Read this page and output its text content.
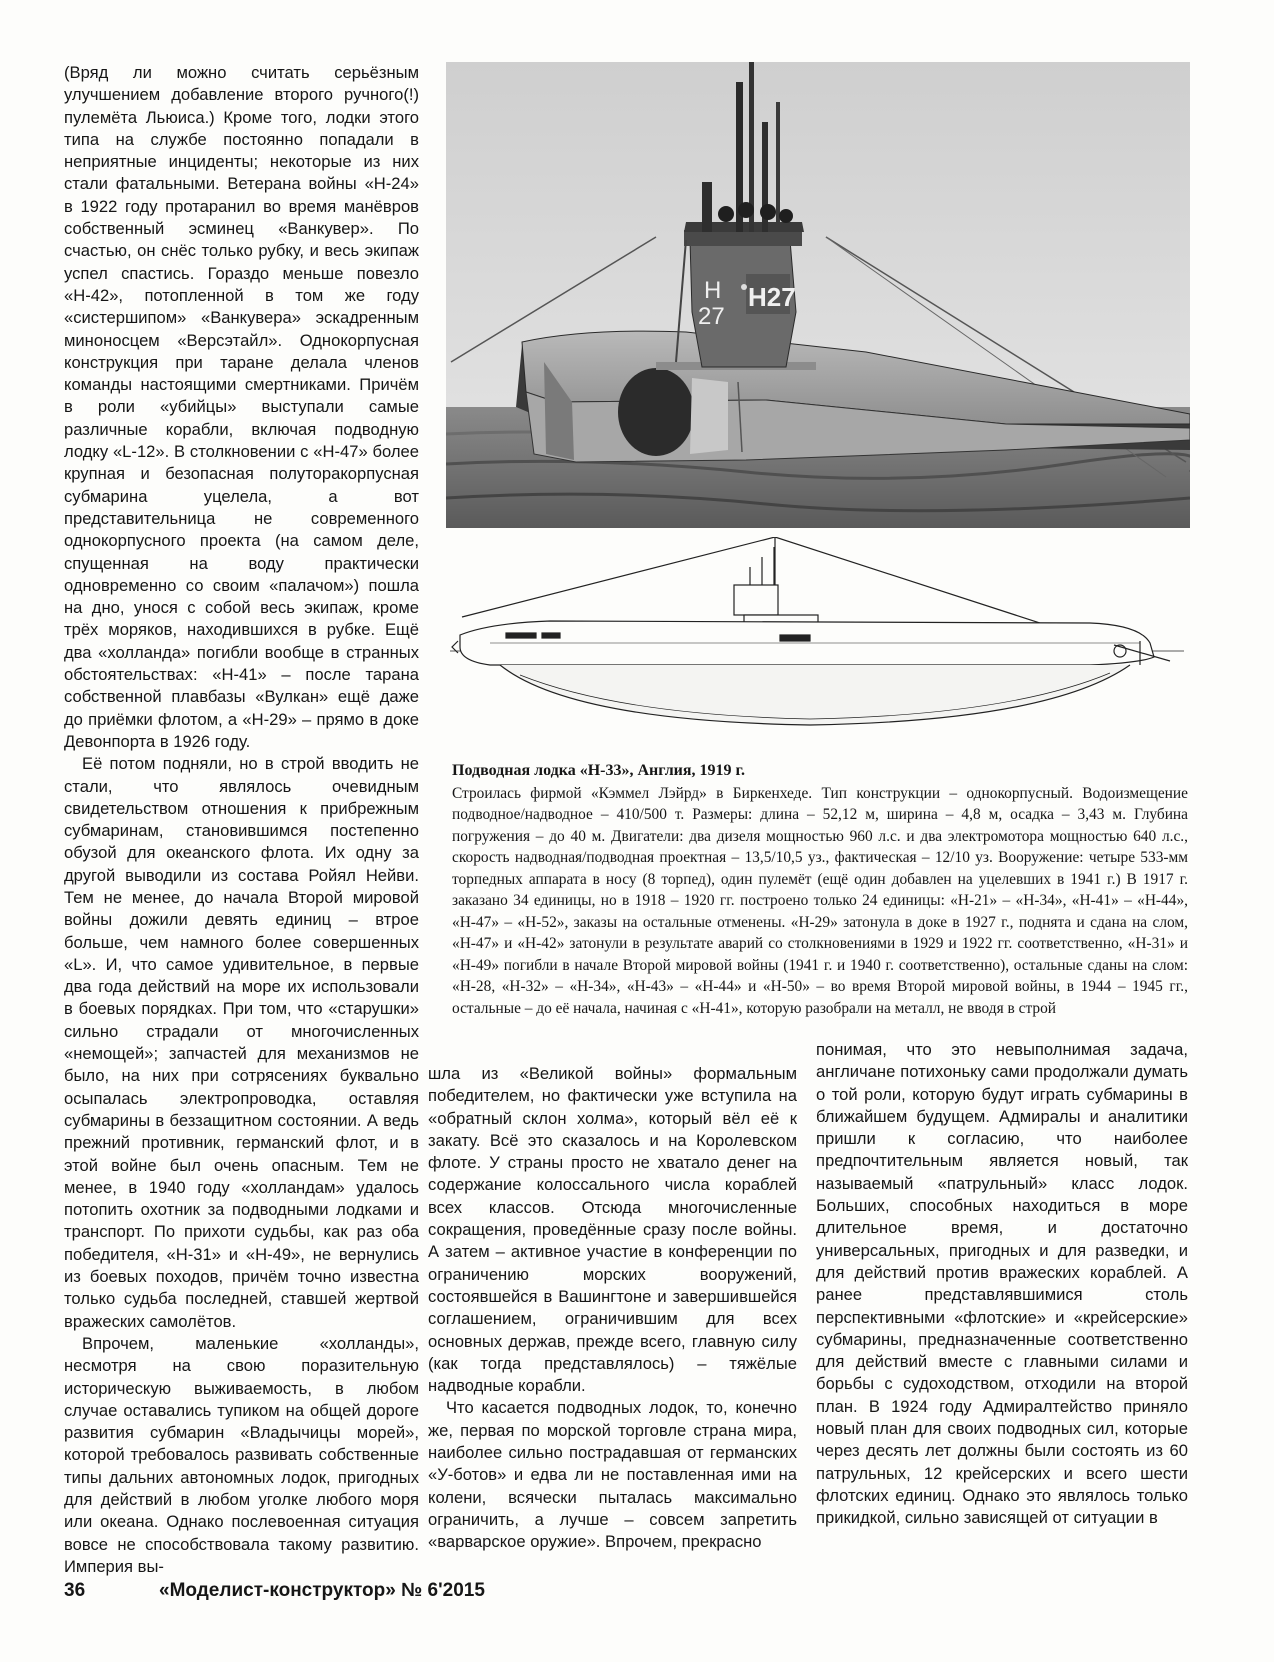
(Вряд ли можно считать серьёзным улучшением добавление второго ручного(!) пулемёта Льюиса.) Кроме того, лодки этого типа на службе постоянно попадали в неприятные инциденты; некоторые из них стали фатальными. Ветерана войны «Н-24» в 1922 году протаранил во время манёвров собственный эсминец «Ванкувер». По счастью, он снёс только рубку, и весь экипаж успел спастись. Гораздо меньше повезло «Н-42», потопленной в том же году «систершипом» «Ванкувера» эскадренным миноносцем «Версэтайл». Однокорпусная конструкция при таране делала членов команды настоящими смертниками. Причём в роли «убийцы» выступали самые различные корабли, включая подводную лодку «L-12». В столкновении с «Н-47» более крупная и безопасная полуторакорпусная субмарина уцелела, а вот представительница не современного однокорпусного проекта (на самом деле, спущенная на воду практически одновременно со своим «палачом») пошла на дно, унося с собой весь экипаж, кроме трёх моряков, находившихся в рубке. Ещё два «холланда» погибли вообще в странных обстоятельствах: «Н-41» – после тарана собственной плавбазы «Вулкан» ещё даже до приёмки флотом, а «Н-29» – прямо в доке Девонпорта в 1926 году.

Её потом подняли, но в строй вводить не стали, что являлось очевидным свидетельством отношения к прибрежным субмаринам, становившимся постепенно обузой для океанского флота. Их одну за другой выводили из состава Ройял Нейви. Тем не менее, до начала Второй мировой войны дожили девять единиц – втрое больше, чем намного более совершенных «L». И, что самое удивительное, в первые два года действий на море их использовали в боевых порядках. При том, что «старушки» сильно страдали от многочисленных «немощей»; запчастей для механизмов не было, на них при сотрясениях буквально осыпалась электропроводка, оставляя субмарины в беззащитном состоянии. А ведь прежний противник, германский флот, и в этой войне был очень опасным. Тем не менее, в 1940 году «холландам» удалось потопить охотник за подводными лодками и транспорт. По прихоти судьбы, как раз оба победителя, «Н-31» и «Н-49», не вернулись из боевых походов, причём точно известна только судьба последней, ставшей жертвой вражеских самолётов.

Впрочем, маленькие «холланды», несмотря на свою поразительную историческую выживаемость, в любом случае оставались тупиком на общей дороге развития субмарин «Владычицы морей», которой требовалось развивать собственные типы дальних автономных лодок, пригодных для действий в любом уголке любого моря или океана. Однако послевоенная ситуация вовсе не способствовала такому развитию. Империя вы-

H
27
H27
Подводная лодка «Н-33», Англия, 1919 г.
Строилась фирмой «Кэммел Лэйрд» в Биркенхеде. Тип конструкции – однокорпусный. Водоизмещение подводное/надводное – 410/500 т. Размеры: длина – 52,12 м, ширина – 4,8 м, осадка – 3,43 м. Глубина погружения – до 40 м. Двигатели: два дизеля мощностью 960 л.с. и два электромотора мощностью 640 л.с., скорость надводная/подводная проектная – 13,5/10,5 уз., фактическая – 12/10 уз. Вооружение: четыре 533-мм торпедных аппарата в носу (8 торпед), один пулемёт (ещё один добавлен на уцелевших в 1941 г.) В 1917 г. заказано 34 единицы, но в 1918 – 1920 гг. построено только 24 единицы: «Н-21» – «Н-34», «Н-41» – «Н-44», «Н-47» – «Н-52», заказы на остальные отменены. «Н-29» затонула в доке в 1927 г., поднята и сдана на слом, «Н-47» и «Н-42» затонули в результате аварий со столкновениями в 1929 и 1922 гг. соответственно, «Н-31» и «Н-49» погибли в начале Второй мировой войны (1941 г. и 1940 г. соответственно), остальные сданы на слом: «Н-28, «Н-32» – «Н-34», «Н-43» – «Н-44» и «Н-50» – во время Второй мировой войны, в 1944 – 1945 гг., остальные – до её начала, начиная с «Н-41», которую разобрали на металл, не вводя в строй

шла из «Великой войны» формальным победителем, но фактически уже вступила на «обратный склон холма», который вёл её к закату. Всё это сказалось и на Королевском флоте. У страны просто не хватало денег на содержание колоссального числа кораблей всех классов. Отсюда многочисленные сокращения, проведённые сразу после войны. А затем – активное участие в конференции по ограничению морских вооружений, состоявшейся в Вашингтоне и завершившейся соглашением, ограничившим для всех основных держав, прежде всего, главную силу (как тогда представлялось) – тяжёлые надводные корабли.

Что касается подводных лодок, то, конечно же, первая по морской торговле страна мира, наиболее сильно пострадавшая от германских «У-ботов» и едва ли не поставленная ими на колени, всячески пыталась максимально ограничить, а лучше – совсем запретить «варварское оружие». Впрочем, прекрасно

понимая, что это невыполнимая задача, англичане потихоньку сами продолжали думать о той роли, которую будут играть субмарины в ближайшем будущем. Адмиралы и аналитики пришли к согласию, что наиболее предпочтительным является новый, так называемый «патрульный» класс лодок. Больших, способных находиться в море длительное время, и достаточно универсальных, пригодных и для разведки, и для действий против вражеских кораблей. А ранее представлявшимися столь перспективными «флотские» и «крейсерские» субмарины, предназначенные соответственно для действий вместе с главными силами и борьбы с судоходством, отходили на второй план. В 1924 году Адмиралтейство приняло новый план для своих подводных сил, которые через десять лет должны были состоять из 60 патрульных, 12 крейсерских и всего шести флотских единиц. Однако это являлось только прикидкой, сильно зависящей от ситуации в

36	«Моделист-конструктор» № 6'2015
